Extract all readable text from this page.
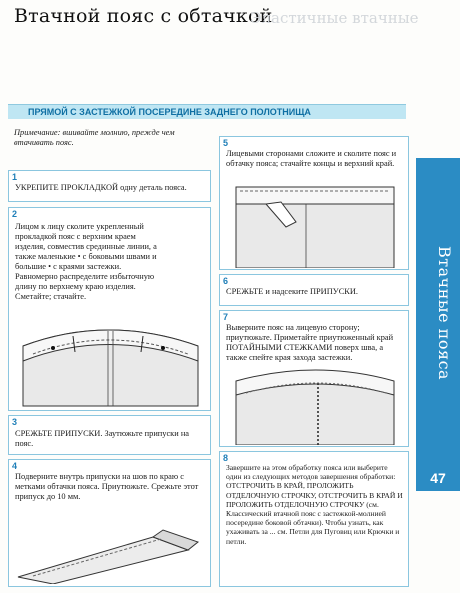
Втачной пояс с обтачкой
Эластичные втачные
ПРЯМОЙ С ЗАСТЕЖКОЙ ПОСЕРЕДИНЕ ЗАДНЕГО ПОЛОТНИЩА
Втачные пояса
47
Примечание: вшивайте молнию, прежде чем втачивать пояс.
1
УКРЕПИТЕ ПРОКЛАДКОЙ одну деталь пояса.
2
Лицом к лицу сколите укрепленный прокладкой пояс с верхним краем изделия, совместив срединные линии, а также маленькие • с боковыми швами и большие • с краями застежки. Равномерно распределите избыточную длину по верхнему краю изделия. Сметайте; стачайте.
3
СРЕЖЬТЕ ПРИПУСКИ. Заутюжьте припуски на пояс.
4
Подверните внутрь припуски на шов по краю с метками обтачки пояса. Приутюжьте. Срежьте этот припуск до 10 мм.
5
Лицевыми сторонами сложите и сколите пояс и обтачку пояса; стачайте концы и верхний край.
6
СРЕЖЬТЕ и надсеките ПРИПУСКИ.
7
Выверните пояс на лицевую сторону; приутюжьте. Приметайте приутюженный край ПОТАЙНЫМИ СТЕЖКАМИ поверх шва, а также спейте края захода застежки.
8
Завершите на этом обработку пояса или выберите один из следующих методов завершения обработки: ОТСТРОЧИТЬ В КРАЙ, ПРОЛОЖИТЬ ОТДЕЛОЧНУЮ СТРОЧКУ, ОТСТРОЧИТЬ В КРАЙ И ПРОЛОЖИТЬ ОТДЕЛОЧНУЮ СТРОЧКУ (см. Классический втачной пояс с застежкой-молнией посередине боковой обтачки). Чтобы узнать, как ухаживать за ... см. Петли для Пуговиц или Крючки и петли.
